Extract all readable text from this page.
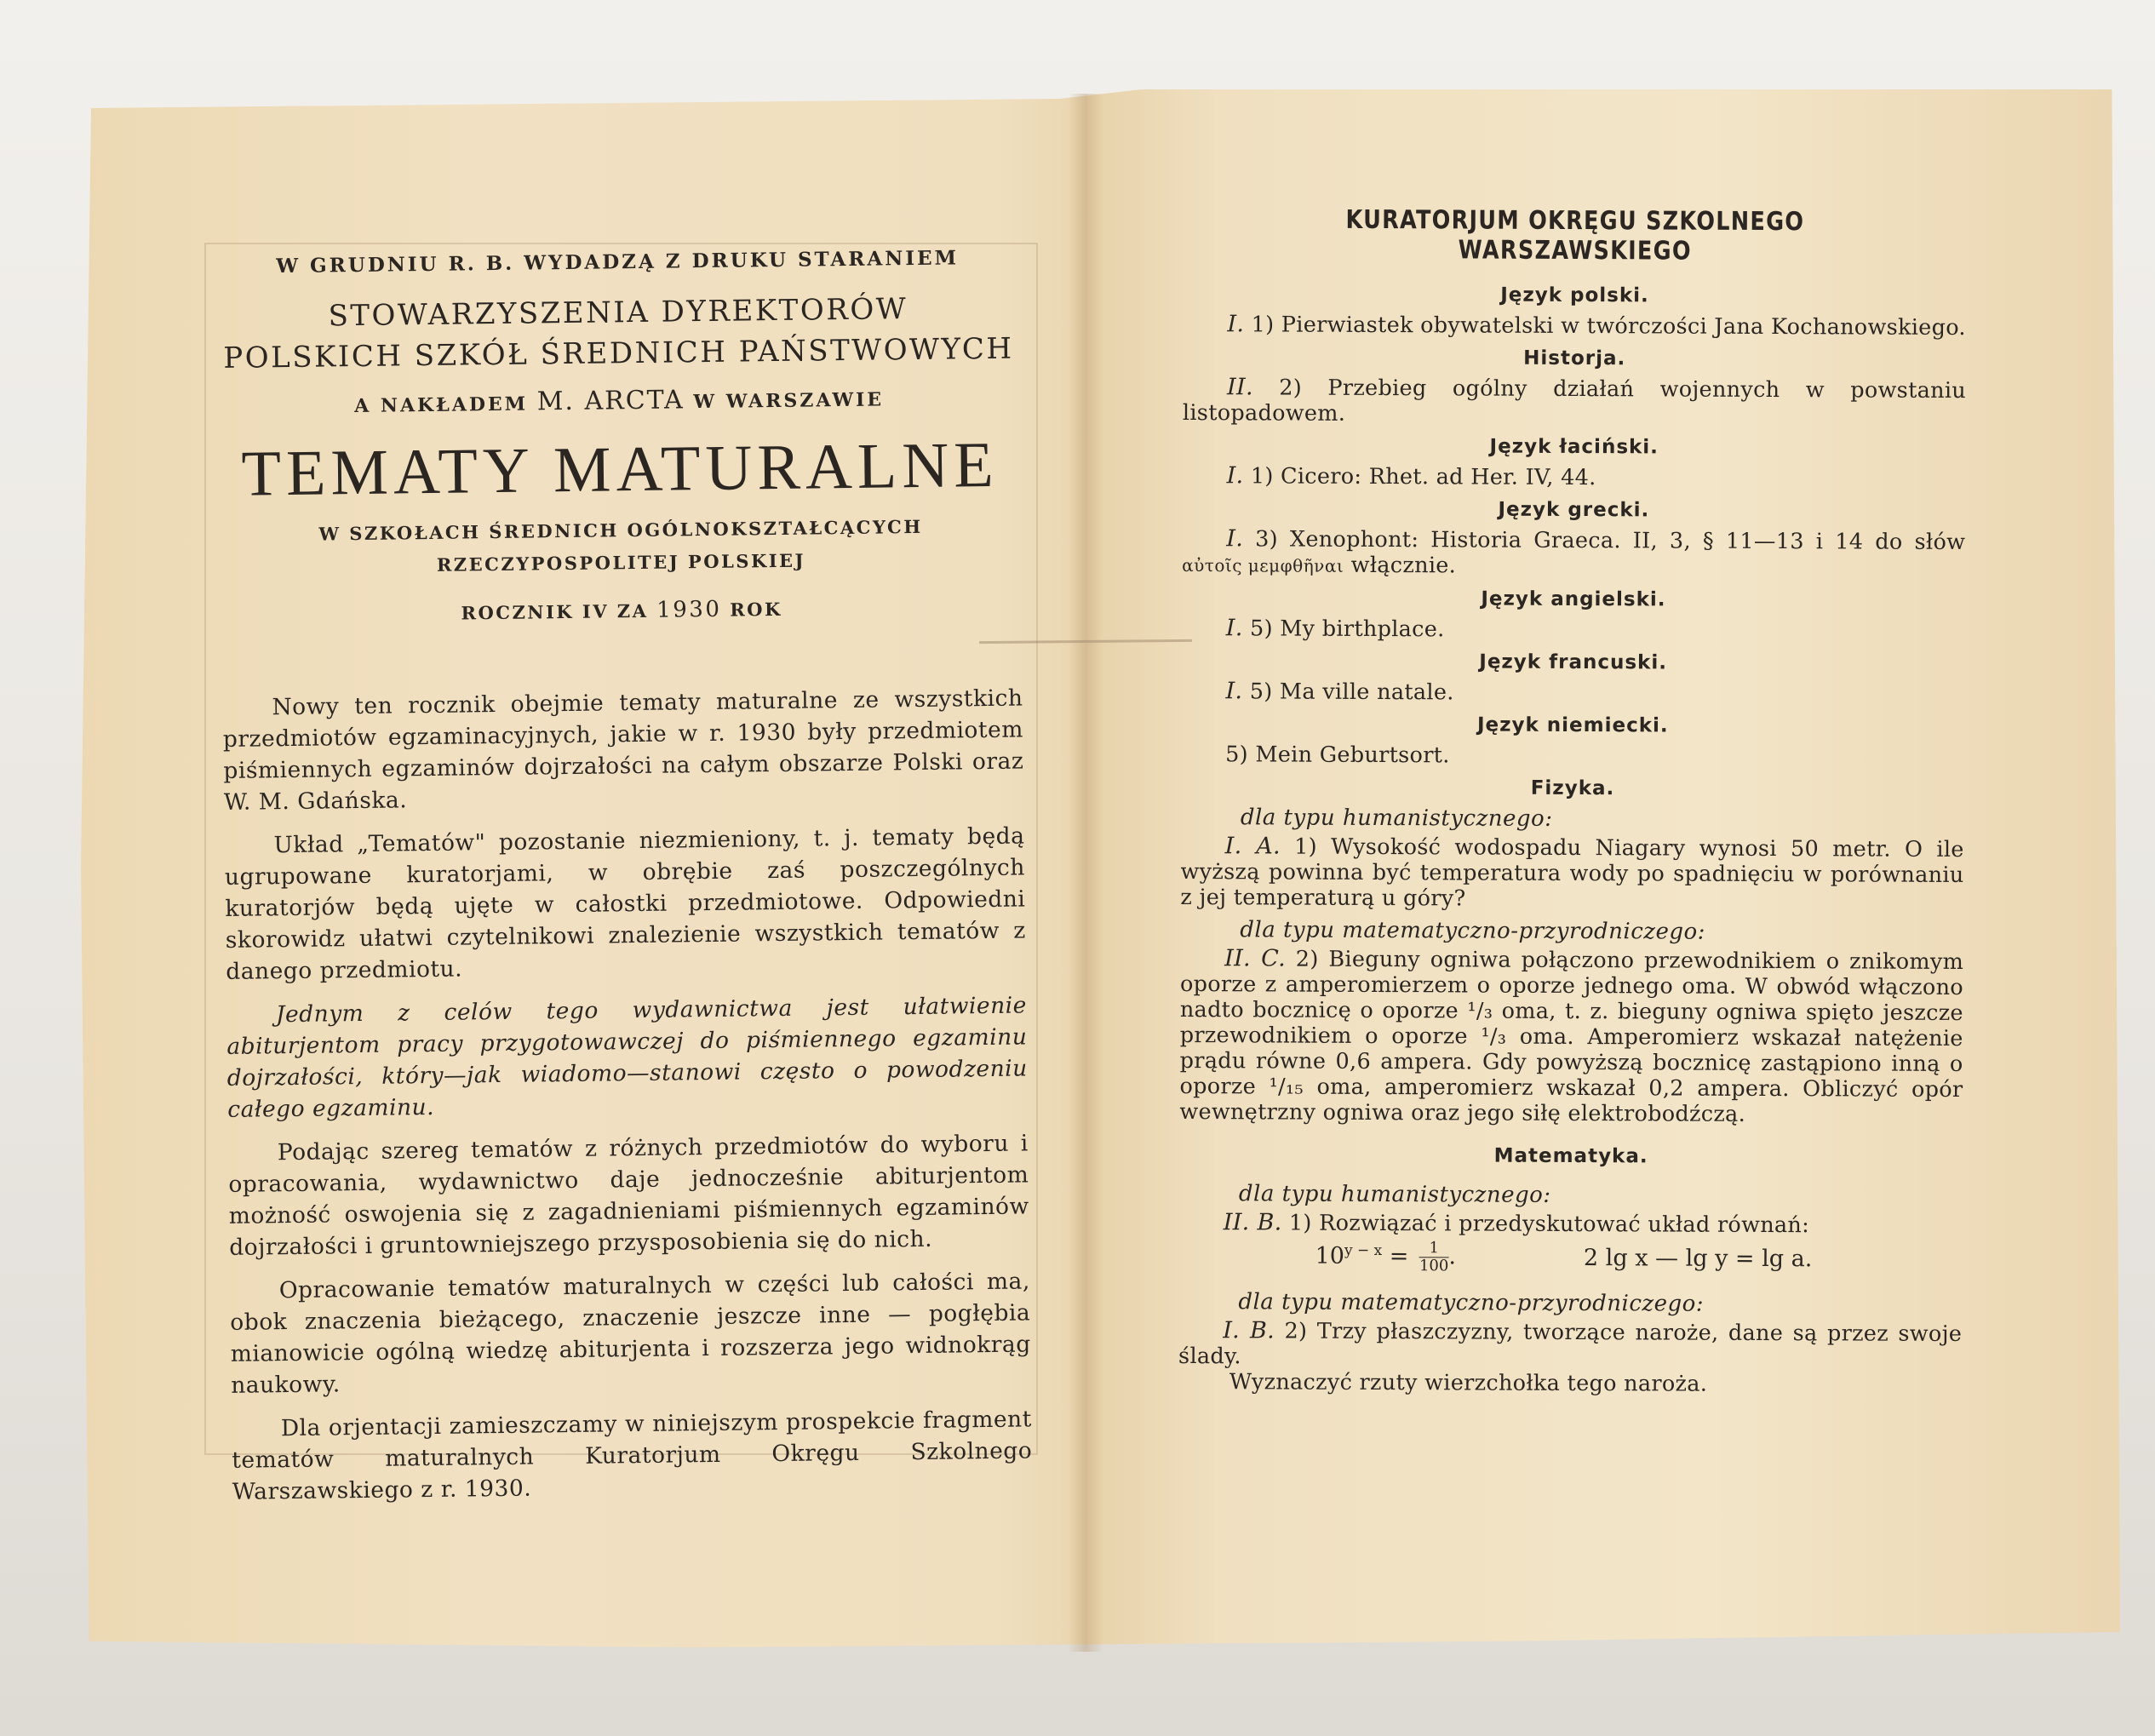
W GRUDNIU R. B. WYDADZĄ Z DRUKU STARANIEM
STOWARZYSZENIA DYREKTORÓW
POLSKICH SZKÓŁ ŚREDNICH PAŃSTWOWYCH
A NAKŁADEM M. ARCTA W WARSZAWIE
TEMATY MATURALNE
W SZKOŁACH ŚREDNICH OGÓLNOKSZTAŁCĄCYCH
RZECZYPOSPOLITEJ POLSKIEJ
ROCZNIK IV ZA 1930 ROK

Nowy ten rocznik obejmie tematy maturalne ze wszystkich przedmiotów egzaminacyjnych, jakie w r. 1930 były przedmiotem piśmiennych egzaminów dojrzałości na całym obszarze Polski oraz W. M. Gdańska.

Układ „Tematów" pozostanie niezmieniony, t. j. tematy będą ugrupowane kuratorjami, w obrębie zaś poszczególnych kuratorjów będą ujęte w całostki przedmiotowe. Odpowiedni skorowidz ułatwi czytelnikowi znalezienie wszystkich tematów z danego przedmiotu.

Jednym z celów tego wydawnictwa jest ułatwienie abiturjentom pracy przygotowawczej do piśmiennego egzaminu dojrzałości, który—jak wiadomo—stanowi często o powodzeniu całego egzaminu.

Podając szereg tematów z różnych przedmiotów do wyboru i opracowania, wydawnictwo daje jednocześnie abiturjentom możność oswojenia się z zagadnieniami piśmiennych egzaminów dojrzałości i gruntowniejszego przysposobienia się do nich.

Opracowanie tematów maturalnych w części lub całości ma, obok znaczenia bieżącego, znaczenie jeszcze inne — pogłębia mianowicie ogólną wiedzę abiturjenta i rozszerza jego widnokrąg naukowy.

Dla orjentacji zamieszczamy w niniejszym prospekcie fragment tematów maturalnych Kuratorjum Okręgu Szkolnego Warszawskiego z r. 1930.

KURATORJUM OKRĘGU SZKOLNEGO WARSZAWSKIEGO
Język polski.
I. 1) Pierwiastek obywatelski w twórczości Jana Kochanowskiego.
Historja.
II. 2) Przebieg ogólny działań wojennych w powstaniu listopadowem.
Język łaciński.
I. 1) Cicero: Rhet. ad Her. IV, 44.
Język grecki.
I. 3) Xenophont: Historia Graeca. II, 3, § 11—13 i 14 do słów αὐτοῖς μεμφθῆναι włącznie.
Język angielski.
I. 5) My birthplace.
Język francuski.
I. 5) Ma ville natale.
Język niemiecki.
5) Mein Geburtsort.
Fizyka.
dla typu humanistycznego:
I. A. 1) Wysokość wodospadu Niagary wynosi 50 metr. O ile wyższą powinna być temperatura wody po spadnięciu w porównaniu z jej temperaturą u góry?
dla typu matematyczno-przyrodniczego:
II. C. 2) Bieguny ogniwa połączono przewodnikiem o znikomym oporze z amperomierzem o oporze jednego oma. W obwód włączono nadto bocznicę o oporze ¹/₃ oma, t. z. bieguny ogniwa spięto jeszcze przewodnikiem o oporze ¹/₃ oma. Amperomierz wskazał natężenie prądu równe 0,6 ampera. Gdy powyższą bocznicę zastąpiono inną o oporze ¹/₁₅ oma, amperomierz wskazał 0,2 ampera. Obliczyć opór wewnętrzny ogniwa oraz jego siłę elektrobodźczą.
Matematyka.
dla typu humanistycznego:
II. B. 1) Rozwiązać i przedyskutować układ równań:
$10^{y - x} = \frac{1}{100}$ .	2 lg x — lg y = lg a.
dla typu matematyczno-przyrodniczego:
I. B. 2) Trzy płaszczyzny, tworzące naroże, dane są przez swoje ślady.
Wyznaczyć rzuty wierzchołka tego naroża.
